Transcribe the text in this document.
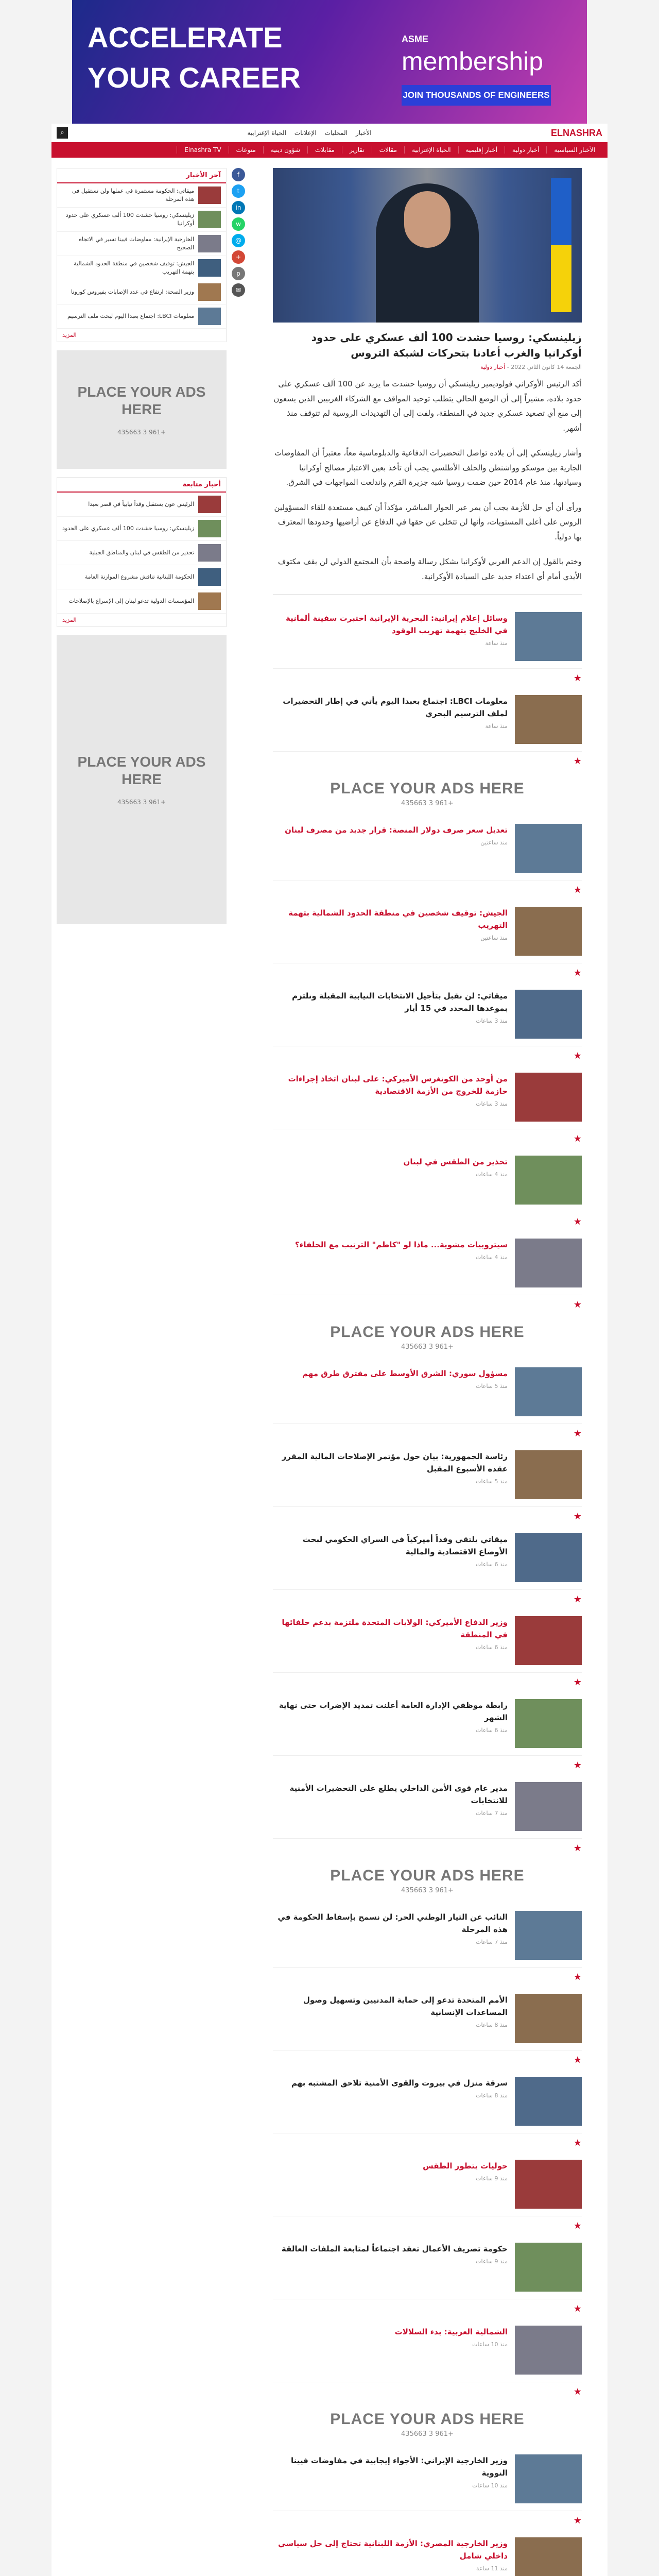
ACCELERATE
YOUR CAREER
ASME
membership
JOIN THOUSANDS OF ENGINEERS
ELNASHRA
الأخبار
المحليات
الإعلانات
الحياة الإغترابية
⌕
الأخبار السياسية
أخبار دولية
أخبار إقليمية
الحياة الإغترابية
مقالات
تقارير
مقابلات
شؤون دينية
منوعات
Elnashra TV
f
t
in
w
@
+
p
✉
زيلينسكي: روسيا حشدت 100 ألف عسكري على حدود أوكرانيا والغرب أعادنا بتحركات لشبكة التروس
الجمعة 14 كانون الثاني 2022 - أخبار دولية

أكد الرئيس الأوكراني فولوديمير زيلينسكي أن روسيا حشدت ما يزيد عن 100 ألف عسكري على حدود بلاده، مشيراً إلى أن الوضع الحالي يتطلب توحيد المواقف مع الشركاء الغربيين الذين يسعون إلى منع أي تصعيد عسكري جديد في المنطقة، ولفت إلى أن التهديدات الروسية لم تتوقف منذ أشهر.

وأشار زيلينسكي إلى أن بلاده تواصل التحضيرات الدفاعية والدبلوماسية معاً، معتبراً أن المفاوضات الجارية بين موسكو وواشنطن والحلف الأطلسي يجب أن تأخذ بعين الاعتبار مصالح أوكرانيا وسيادتها، منذ عام 2014 حين ضمت روسيا شبه جزيرة القرم واندلعت المواجهات في الشرق.

ورأى أن أي حل للأزمة يجب أن يمر عبر الحوار المباشر، مؤكداً أن كييف مستعدة للقاء المسؤولين الروس على أعلى المستويات، وأنها لن تتخلى عن حقها في الدفاع عن أراضيها وحدودها المعترف بها دولياً.

وختم بالقول إن الدعم الغربي لأوكرانيا يشكل رسالة واضحة بأن المجتمع الدولي لن يقف مكتوف الأيدي أمام أي اعتداء جديد على السيادة الأوكرانية.

وسائل إعلام إيرانية: البحرية الإيرانية اختبرت سفينة ألمانية في الخليج بتهمة تهريب الوقود
منذ ساعة
★
معلومات LBCI: اجتماع بعبدا اليوم يأتي في إطار التحضيرات لملف الترسيم البحري
منذ ساعة
★
PLACE YOUR ADS HERE
+961 3 435663
تعديل سعر صرف دولار المنصة: قرار جديد من مصرف لبنان
منذ ساعتين
★
الجيش: توقيف شخصين في منطقة الحدود الشمالية بتهمة التهريب
منذ ساعتين
★
ميقاتي: لن نقبل بتأجيل الانتخابات النيابية المقبلة ونلتزم بموعدها المحدد في 15 أيار
منذ 3 ساعات
★
من أوحد من الكونغرس الأميركي: على لبنان اتخاذ إجراءات حازمة للخروج من الأزمة الاقتصادية
منذ 3 ساعات
★
تحذير من الطقس في لبنان
منذ 4 ساعات
★
سيتروبيات مشوية... ماذا لو "كاظم" الترتيب مع الحلفاء؟
منذ 4 ساعات
★
PLACE YOUR ADS HERE
+961 3 435663
مسؤول سوري: الشرق الأوسط على مفترق طرق مهم
منذ 5 ساعات
★
رئاسة الجمهورية: بيان حول مؤتمر الإصلاحات المالية المقرر عقده الأسبوع المقبل
منذ 5 ساعات
★
ميقاتي يلتقي وفداً أميركياً في السراي الحكومي لبحث الأوضاع الاقتصادية والمالية
منذ 6 ساعات
★
وزير الدفاع الأميركي: الولايات المتحدة ملتزمة بدعم حلفائها في المنطقة
منذ 6 ساعات
★
رابطة موظفي الإدارة العامة أعلنت تمديد الإضراب حتى نهاية الشهر
منذ 6 ساعات
★
مدير عام قوى الأمن الداخلي يطلع على التحضيرات الأمنية للانتخابات
منذ 7 ساعات
★
PLACE YOUR ADS HERE
+961 3 435663
النائب عن التيار الوطني الحر: لن نسمح بإسقاط الحكومة في هذه المرحلة
منذ 7 ساعات
★
الأمم المتحدة تدعو إلى حماية المدنيين وتسهيل وصول المساعدات الإنسانية
منذ 8 ساعات
★
سرقة منزل في بيروت والقوى الأمنية تلاحق المشتبه بهم
منذ 8 ساعات
★
حوليات يتطور الطقس
منذ 9 ساعات
★
حكومة تصريف الأعمال تعقد اجتماعاً لمتابعة الملفات العالقة
منذ 9 ساعات
★
الشمالية العربية: بدء السلالات
منذ 10 ساعات
★
PLACE YOUR ADS HERE
+961 3 435663
وزير الخارجية الإيراني: الأجواء إيجابية في مفاوضات فيينا النووية
منذ 10 ساعات
★
وزير الخارجية المصري: الأزمة اللبنانية تحتاج إلى حل سياسي داخلي شامل
منذ 11 ساعة
آخر الأخبار
ميقاتي: الحكومة مستمرة في عملها ولن تستقيل في هذه المرحلة
زيلينسكي: روسيا حشدت 100 ألف عسكري على حدود أوكرانيا
الخارجية الإيرانية: مفاوضات فيينا تسير في الاتجاه الصحيح
الجيش: توقيف شخصين في منطقة الحدود الشمالية بتهمة التهريب
وزير الصحة: ارتفاع في عدد الإصابات بفيروس كورونا
معلومات LBCI: اجتماع بعبدا اليوم لبحث ملف الترسيم
المزيد
PLACE YOUR ADS HERE
+961 3 435663
أخبار متابعة
الرئيس عون يستقبل وفداً نيابياً في قصر بعبدا
زيلينسكي: روسيا حشدت 100 ألف عسكري على الحدود
تحذير من الطقس في لبنان والمناطق الجبلية
الحكومة اللبنانية تناقش مشروع الموازنة العامة
المؤسسات الدولية تدعو لبنان إلى الإسراع بالإصلاحات
المزيد
PLACE YOUR ADS HERE
+961 3 435663
